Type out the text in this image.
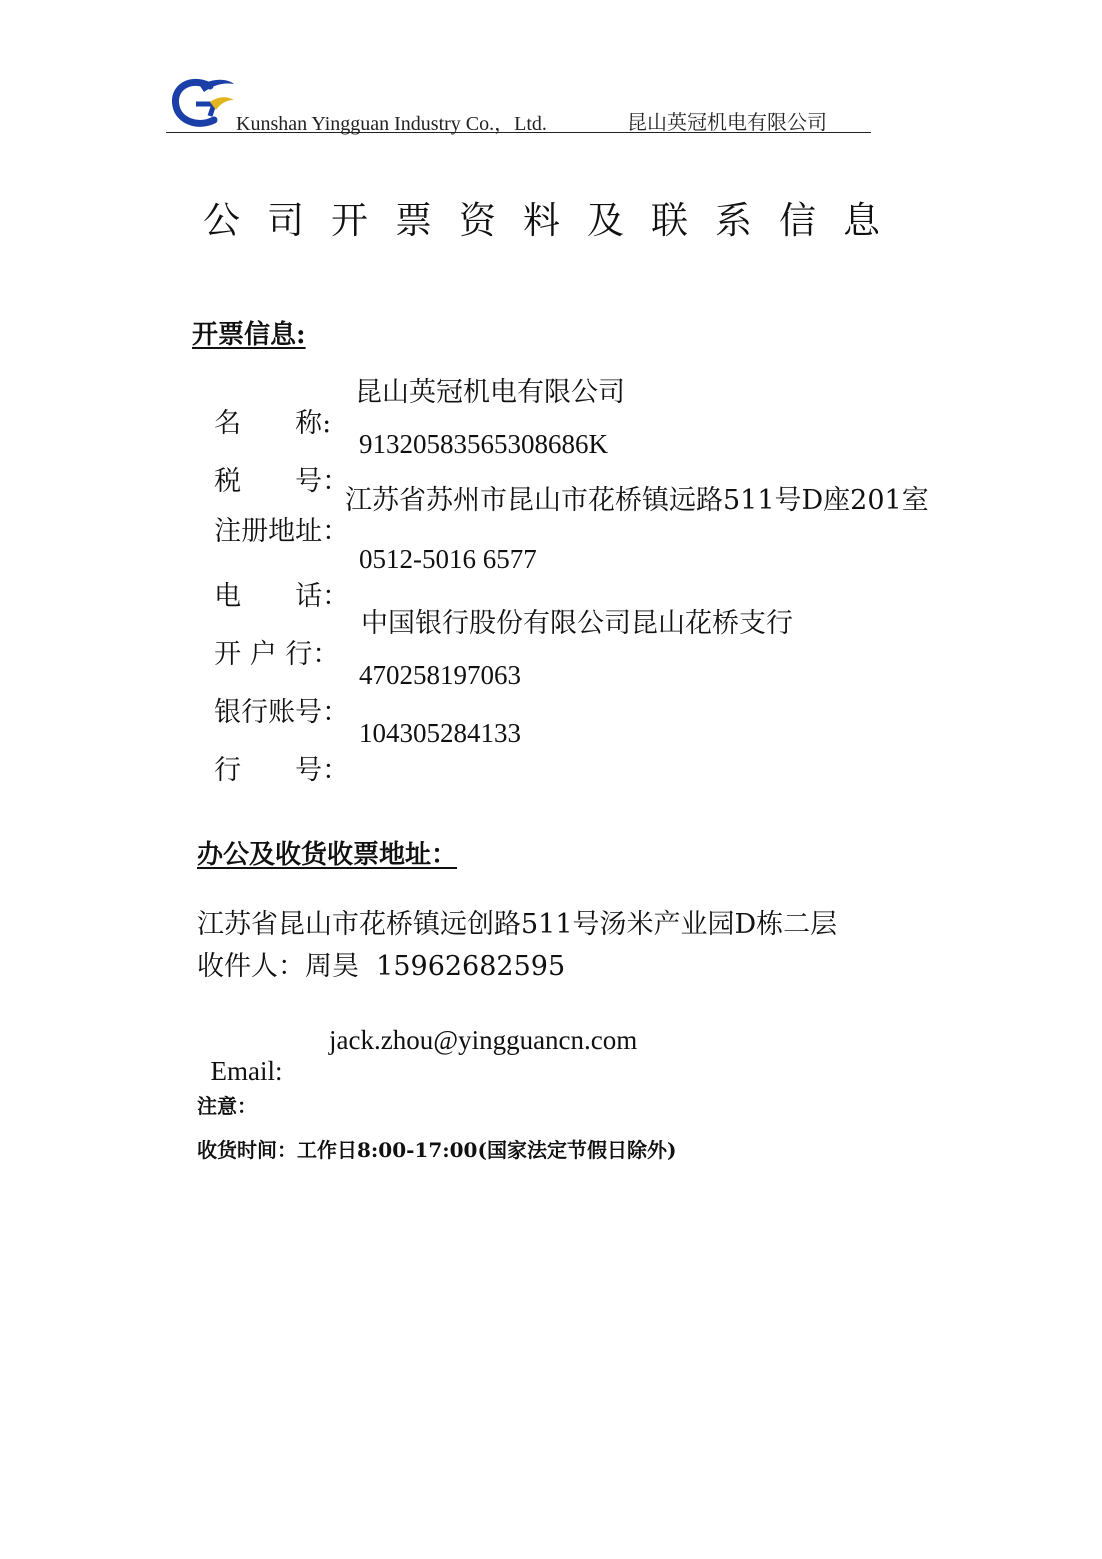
Kunshan Yingguan Industry Co.，Ltd.	昆山英冠机电有限公司
公司开票资料及联系信息
开票信息:

名　　称:

昆山英冠机电有限公司

税　　号：

91320583565308686K

注册地址：

江苏省苏州市昆山市花桥镇远路511号D座201室

电　　话：

0512-5016 6577

开 户 行：

中国银行股份有限公司昆山花桥支行

银行账号：

470258197063

行　　号：

104305284133

办公及收货收票地址：
江苏省昆山市花桥镇远创路511号汤米产业园D栋二层
收件人：周昊  15962682595

Email:

jack.zhou@yingguancn.com

注意：
收货时间：工作日8:00-17:00(国家法定节假日除外)
